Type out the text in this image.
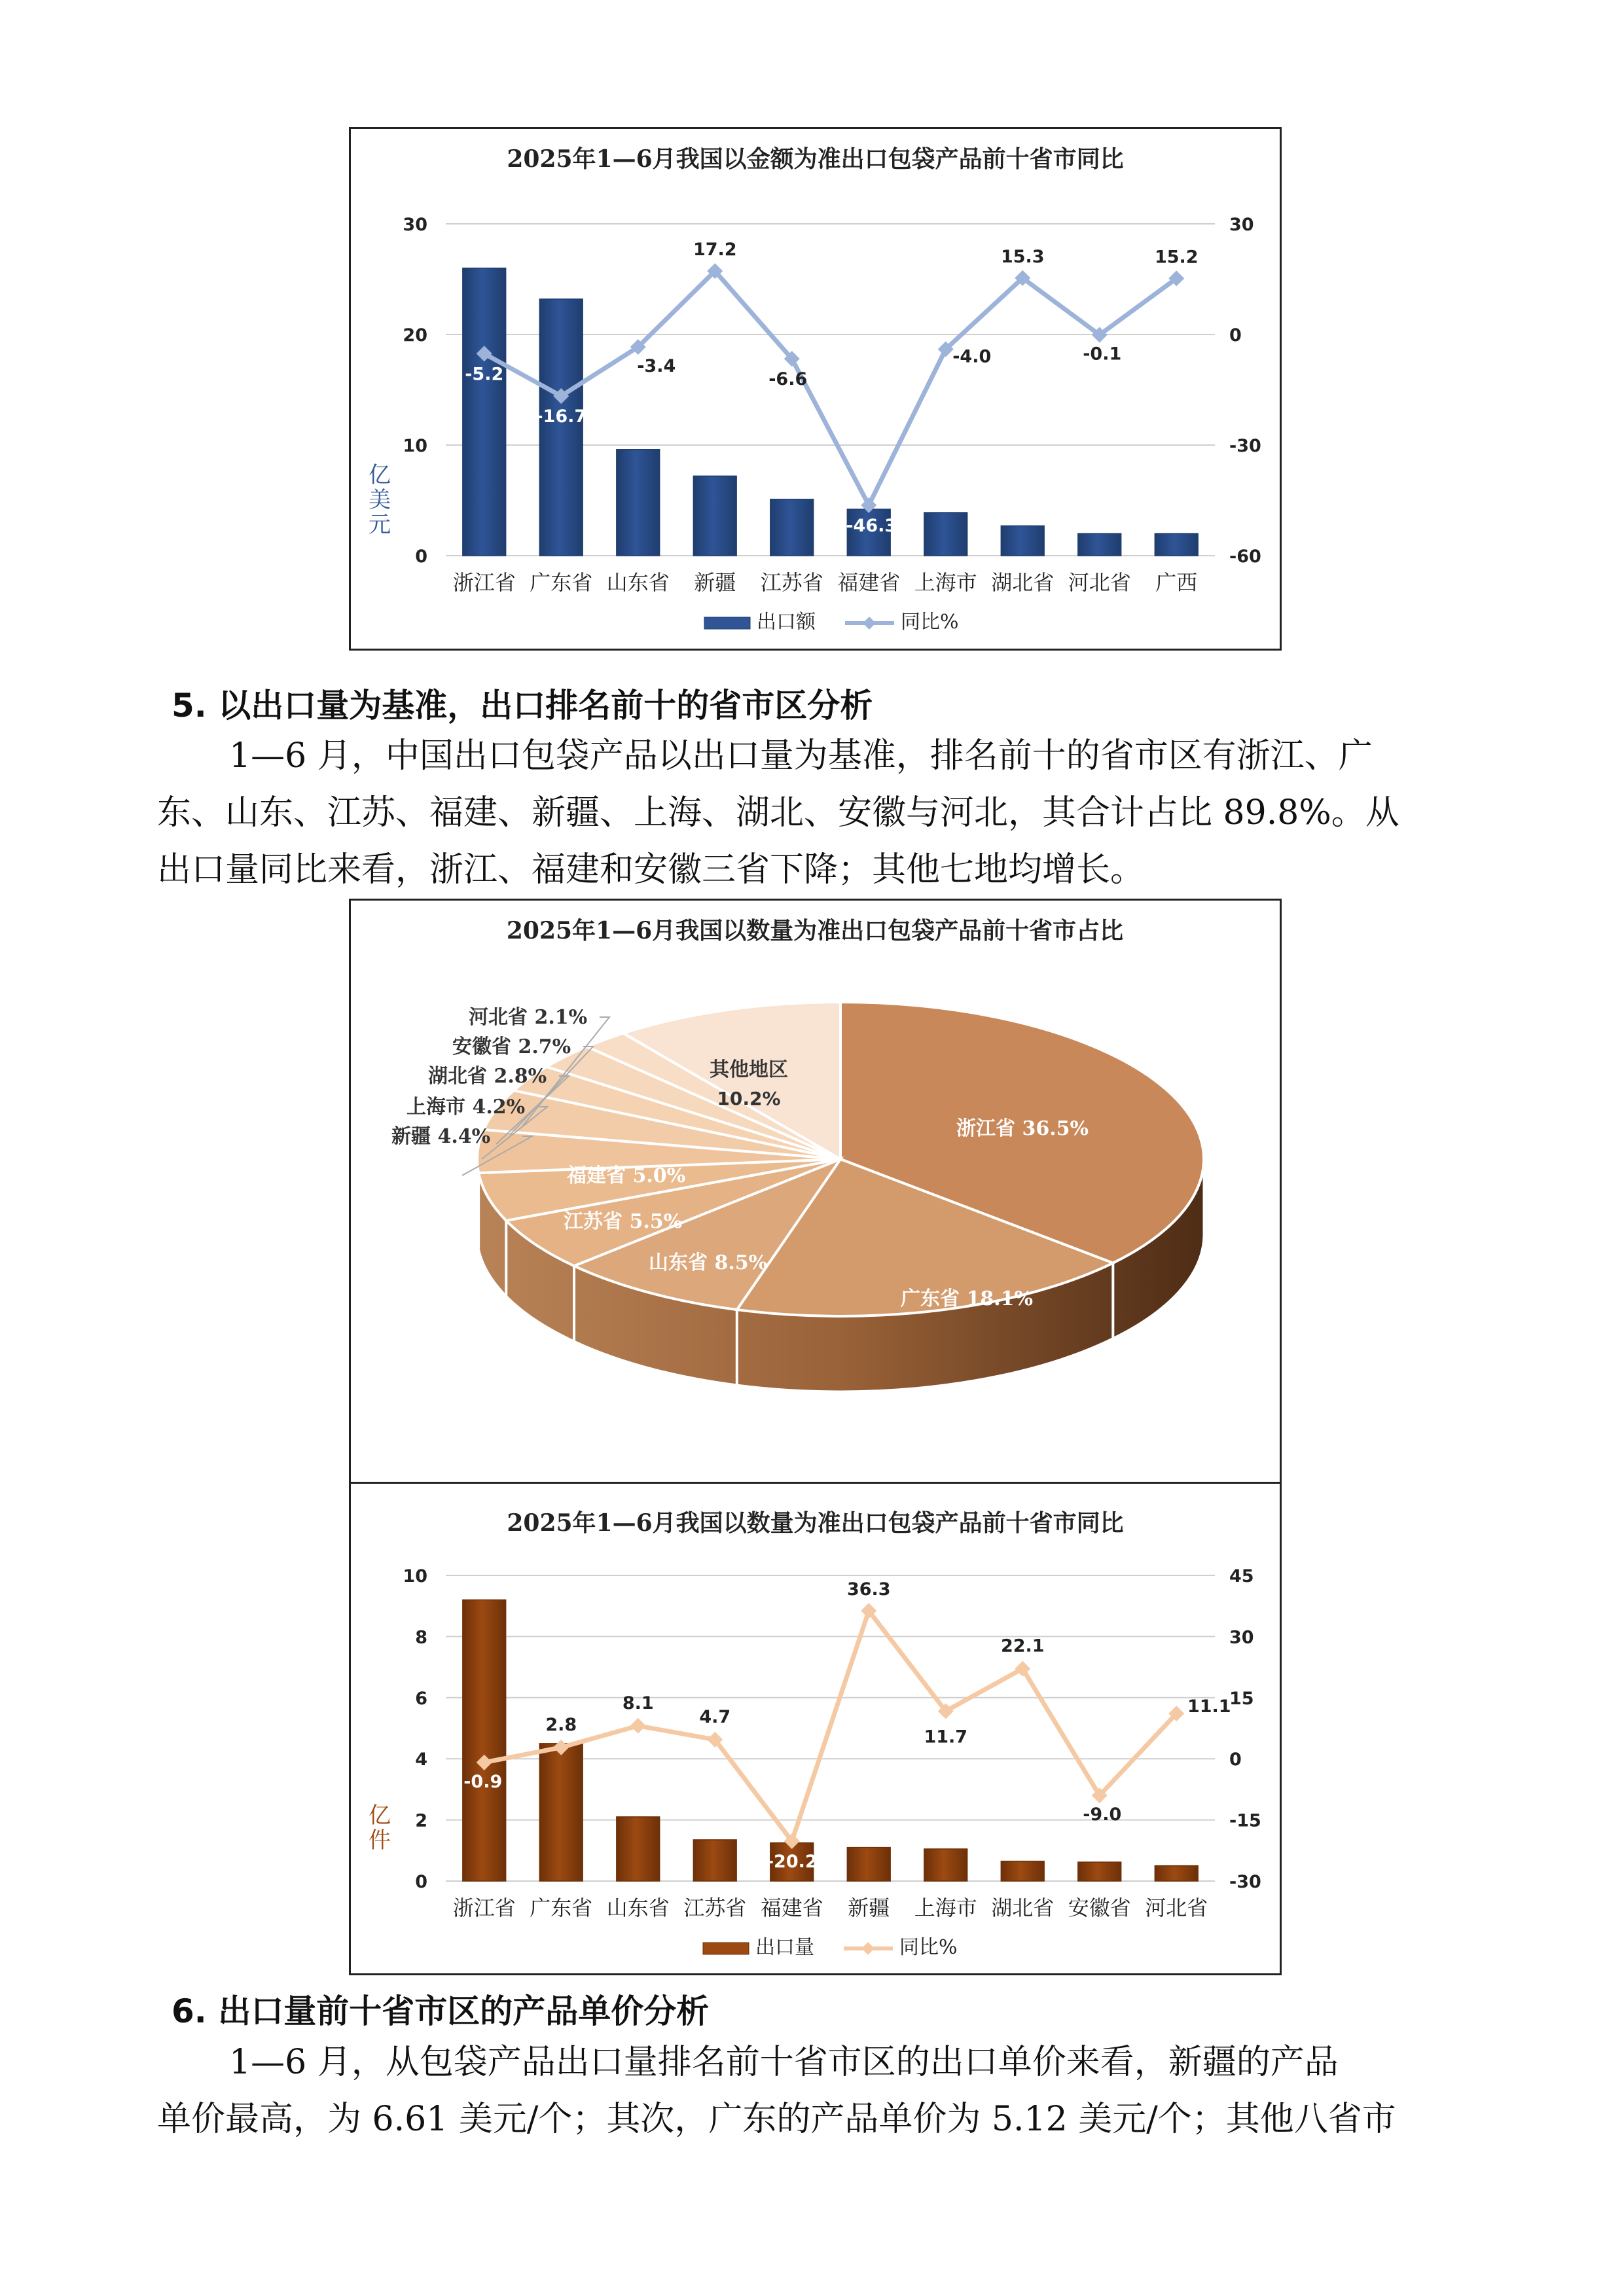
2025年1—6月我国以金额为准出口包袋产品前十省市同比
0
10
20
30
-60
-30
0
30
亿美元
浙江省 广东省 山东省 新疆 江苏省 福建省 上海市 湖北省 河北省 广西
-5.2
-16.7
-3.4
17.2
-6.6
-46.3
-4.0
15.3
-0.1
15.2
出口额	同比%
5. 以出口量为基准，出口排名前十的省市区分析

1—6 月，中国出口包袋产品以出口量为基准，排名前十的省市区有浙江、广
东、山东、江苏、福建、新疆、上海、湖北、安徽与河北，其合计占比 89.8%。从
出口量同比来看，浙江、福建和安徽三省下降；其他七地均增长。

2025年1—6月我国以数量为准出口包袋产品前十省市占比
浙江省 36.5%
广东省 18.1%
山东省 8.5%
江苏省 5.5%
福建省 5.0%
新疆 4.4%
上海市 4.2%
湖北省 2.8%
安徽省 2.7%
河北省 2.1%
其他地区
10.2%
2025年1—6月我国以数量为准出口包袋产品前十省市同比
0
2
4
6
8
10
-30
-15
0
15
30
45
亿件
浙江省 广东省 山东省 江苏省 福建省 新疆 上海市 湖北省 安徽省 河北省
-0.9
2.8
8.1
4.7
-20.2
36.3
11.7
22.1
-9.0
11.1
出口量	同比%
6. 出口量前十省市区的产品单价分析

1—6 月，从包袋产品出口量排名前十省市区的出口单价来看，新疆的产品
单价最高，为 6.61 美元/个；其次，广东的产品单价为 5.12 美元/个；其他八省市
